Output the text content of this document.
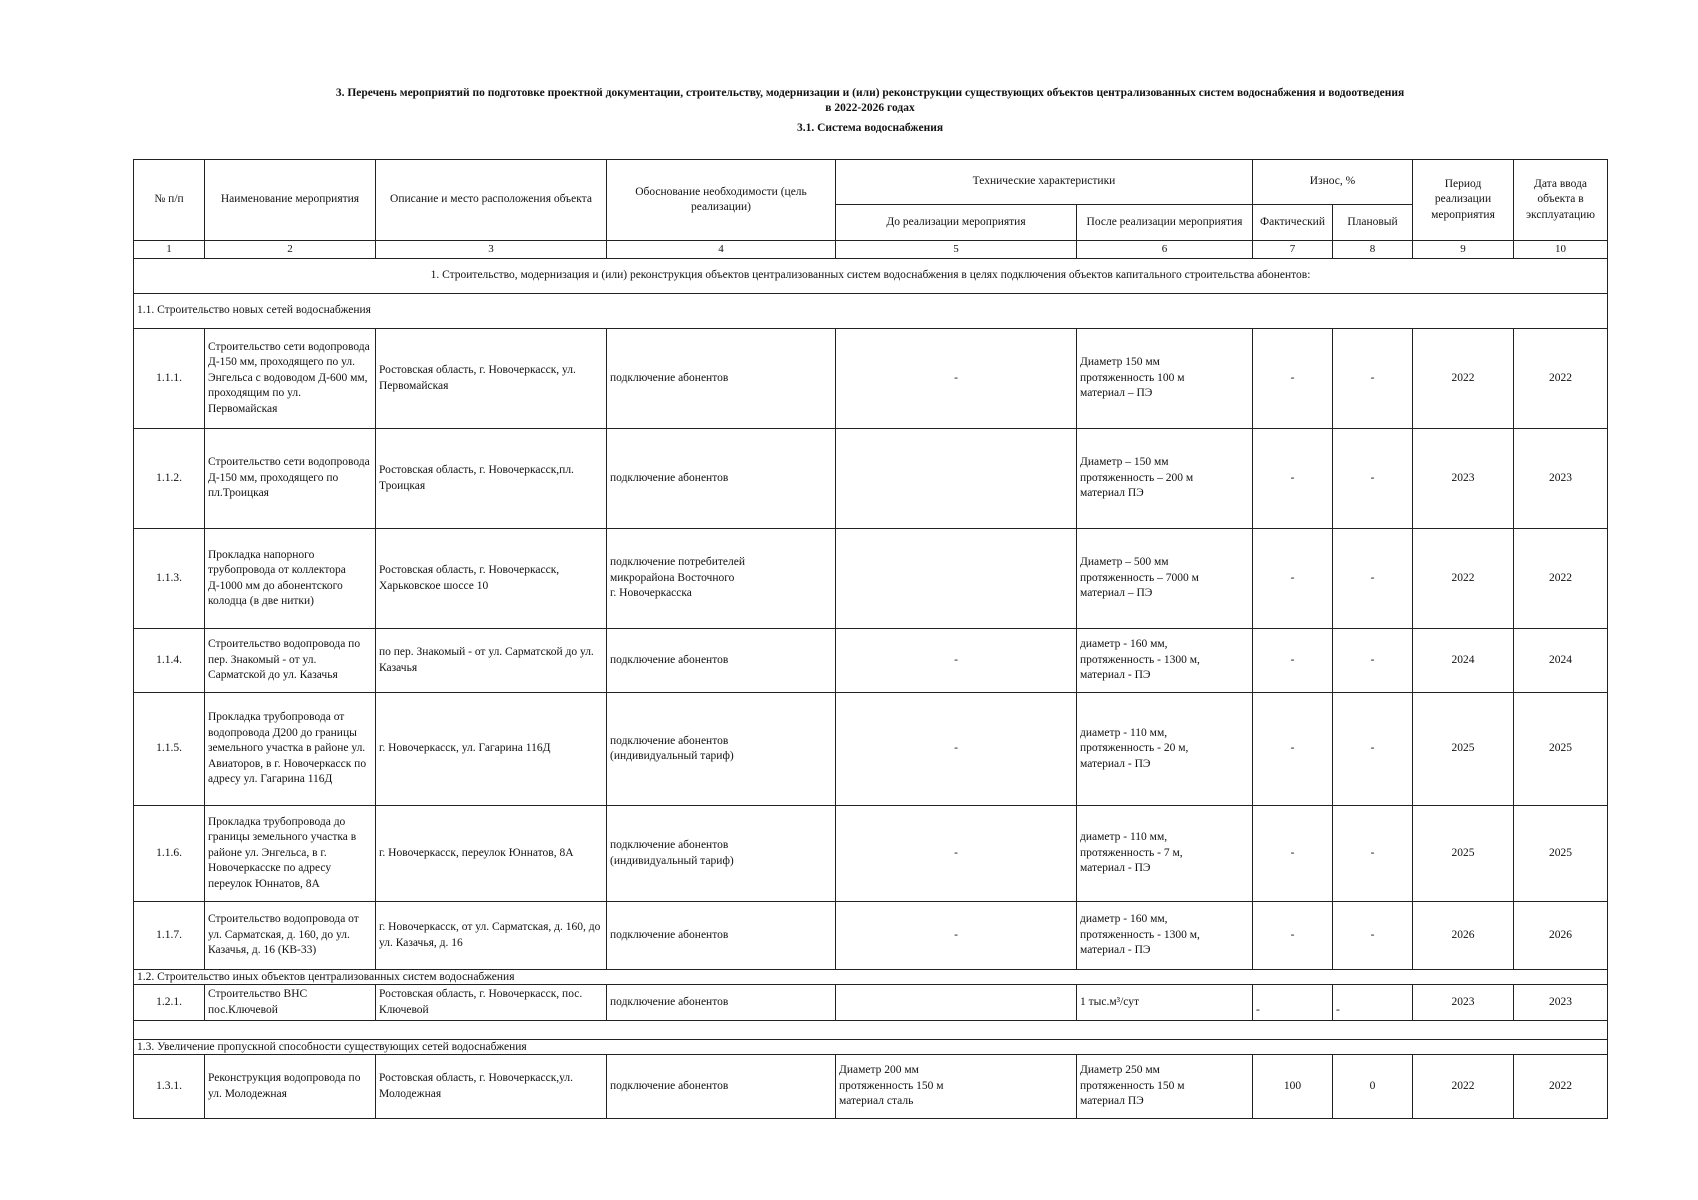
3. Перечень мероприятий по подготовке проектной документации, строительству, модернизации и (или) реконструкции существующих объектов централизованных систем водоснабжения и водоотведения
в 2022-2026 годах
3.1. Система водоснабжения
№ п/п	Наименование мероприятия	Описание и место расположения объекта	Обоснование необходимости (цель реализации)	Технические характеристики		Износ, %		Период реализации мероприятия	Дата ввода объекта в эксплуатацию
				До реализации мероприятия	После реализации мероприятия	Фактический	Плановый		
1	2	3	4	5	6	7	8	9	10
1. Строительство, модернизация и (или) реконструкция объектов централизованных систем водоснабжения в целях подключения объектов капитального строительства абонентов:									
1.1. Строительство новых сетей водоснабжения									
1.1.1.	Строительство сети водопровода Д-150 мм, проходящего по ул. Энгельса с водоводом Д-600 мм, проходящим по ул. Первомайская	Ростовская область, г. Новочеркасск, ул. Первомайская	подключение абонентов	-	Диаметр 150 мм
протяженность 100 м
материал – ПЭ	-	-	2022	2022
1.1.2.	Строительство сети водопровода Д-150 мм, проходящего по пл.Троицкая	Ростовская область, г. Новочеркасск,пл. Троицкая	подключение абонентов		Диаметр – 150 мм
протяженность – 200 м
материал ПЭ	-	-	2023	2023
1.1.3.	Прокладка напорного трубопровода от коллектора Д-1000 мм до абонентского колодца (в две нитки)	Ростовская область, г. Новочеркасск, Харьковское шоссе 10	подключение потребителей
микрорайона Восточного
г. Новочеркасска		Диаметр – 500 мм
протяженность – 7000 м
материал – ПЭ	-	-	2022	2022
1.1.4.	Строительство водопровода по пер. Знакомый - от ул. Сарматской до ул. Казачья	по пер. Знакомый - от ул. Сарматской до ул. Казачья	подключение абонентов	-	диаметр - 160 мм,
протяженность - 1300 м,
материал - ПЭ	-	-	2024	2024
1.1.5.	Прокладка трубопровода от водопровода Д200 до границы земельного участка в районе ул. Авиаторов, в г. Новочеркасск по адресу ул. Гагарина 116Д	г. Новочеркасск, ул. Гагарина 116Д	подключение абонентов
(индивидуальный тариф)	-	диаметр - 110 мм,
протяженность - 20 м,
материал - ПЭ	-	-	2025	2025
1.1.6.	Прокладка трубопровода до границы земельного участка в районе ул. Энгельса, в г. Новочеркасске по адресу переулок Юннатов, 8А	г. Новочеркасск, переулок Юннатов, 8А	подключение абонентов
(индивидуальный тариф)	-	диаметр - 110 мм,
протяженность - 7 м,
материал - ПЭ	-	-	2025	2025
1.1.7.	Строительство водопровода от ул. Сарматская, д. 160, до ул. Казачья, д. 16 (КВ-33)	г. Новочеркасск, от ул. Сарматская, д. 160, до ул. Казачья, д. 16	подключение абонентов	-	диаметр - 160 мм,
протяженность - 1300 м,
материал - ПЭ	-	-	2026	2026
1.2. Строительство иных объектов централизованных систем водоснабжения									
1.2.1.	Строительство ВНС пос.Ключевой	Ростовская область, г. Новочеркасск, пос. Ключевой	подключение абонентов		1 тыс.м³/сут	-	-	2023	2023

1.3. Увеличение пропускной способности существующих сетей водоснабжения									
1.3.1.	Реконструкция водопровода по ул. Молодежная	Ростовская область, г. Новочеркасск,ул. Молодежная	подключение абонентов	Диаметр 200 мм
протяженность 150 м
материал сталь	Диаметр 250 мм
протяженность 150 м
материал ПЭ	100	0	2022	2022
